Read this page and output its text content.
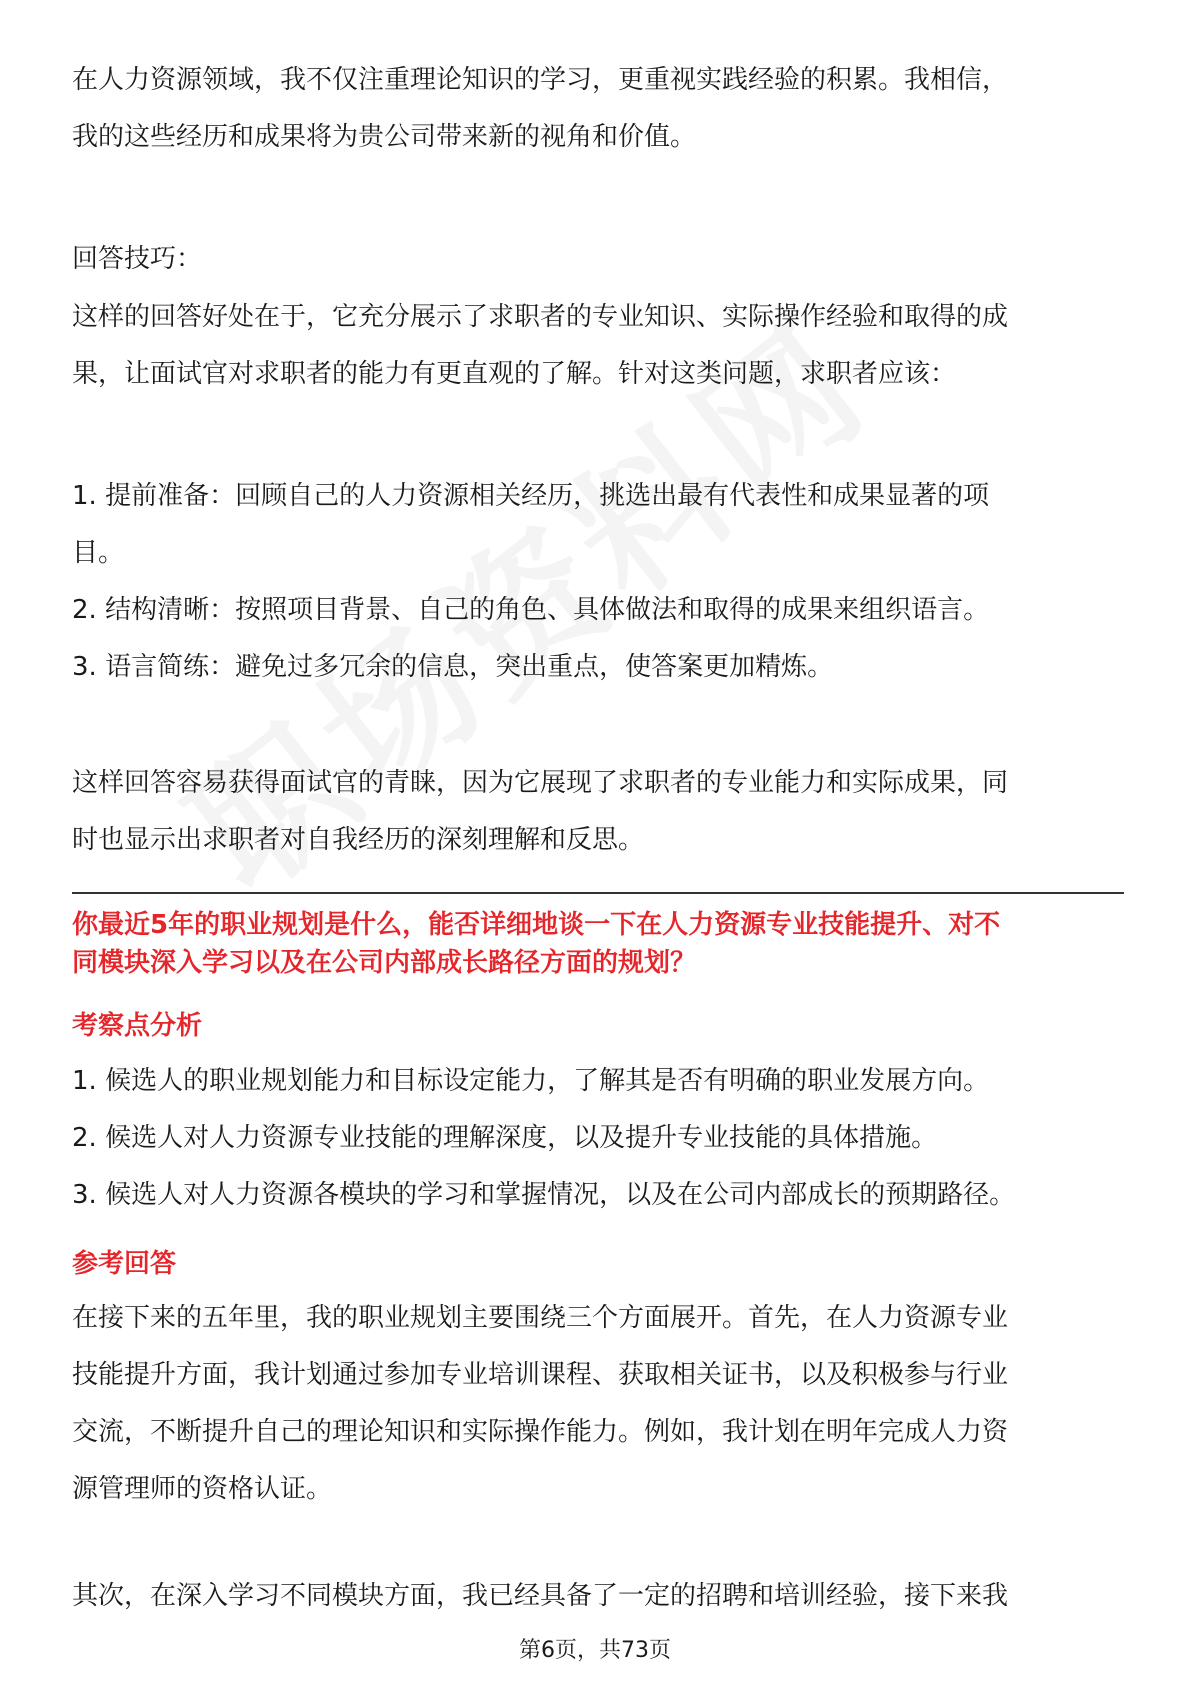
在人力资源领域，我不仅注重理论知识的学习，更重视实践经验的积累。我相信，

我的这些经历和成果将为贵公司带来新的视角和价值。

回答技巧：

这样的回答好处在于，它充分展示了求职者的专业知识、实际操作经验和取得的成

果，让面试官对求职者的能力有更直观的了解。针对这类问题，求职者应该：

1. 提前准备：回顾自己的人力资源相关经历，挑选出最有代表性和成果显著的项

目。

2. 结构清晰：按照项目背景、自己的角色、具体做法和取得的成果来组织语言。

3. 语言简练：避免过多冗余的信息，突出重点，使答案更加精炼。

这样回答容易获得面试官的青睐，因为它展现了求职者的专业能力和实际成果，同

时也显示出求职者对自我经历的深刻理解和反思。

你最近5年的职业规划是什么，能否详细地谈一下在人力资源专业技能提升、对不

同模块深入学习以及在公司内部成长路径方面的规划？

考察点分析

1. 候选人的职业规划能力和目标设定能力，了解其是否有明确的职业发展方向。

2. 候选人对人力资源专业技能的理解深度，以及提升专业技能的具体措施。

3. 候选人对人力资源各模块的学习和掌握情况，以及在公司内部成长的预期路径。

参考回答

在接下来的五年里，我的职业规划主要围绕三个方面展开。首先，在人力资源专业

技能提升方面，我计划通过参加专业培训课程、获取相关证书，以及积极参与行业

交流，不断提升自己的理论知识和实际操作能力。例如，我计划在明年完成人力资

源管理师的资格认证。

其次，在深入学习不同模块方面，我已经具备了一定的招聘和培训经验，接下来我

第6页，共73页
